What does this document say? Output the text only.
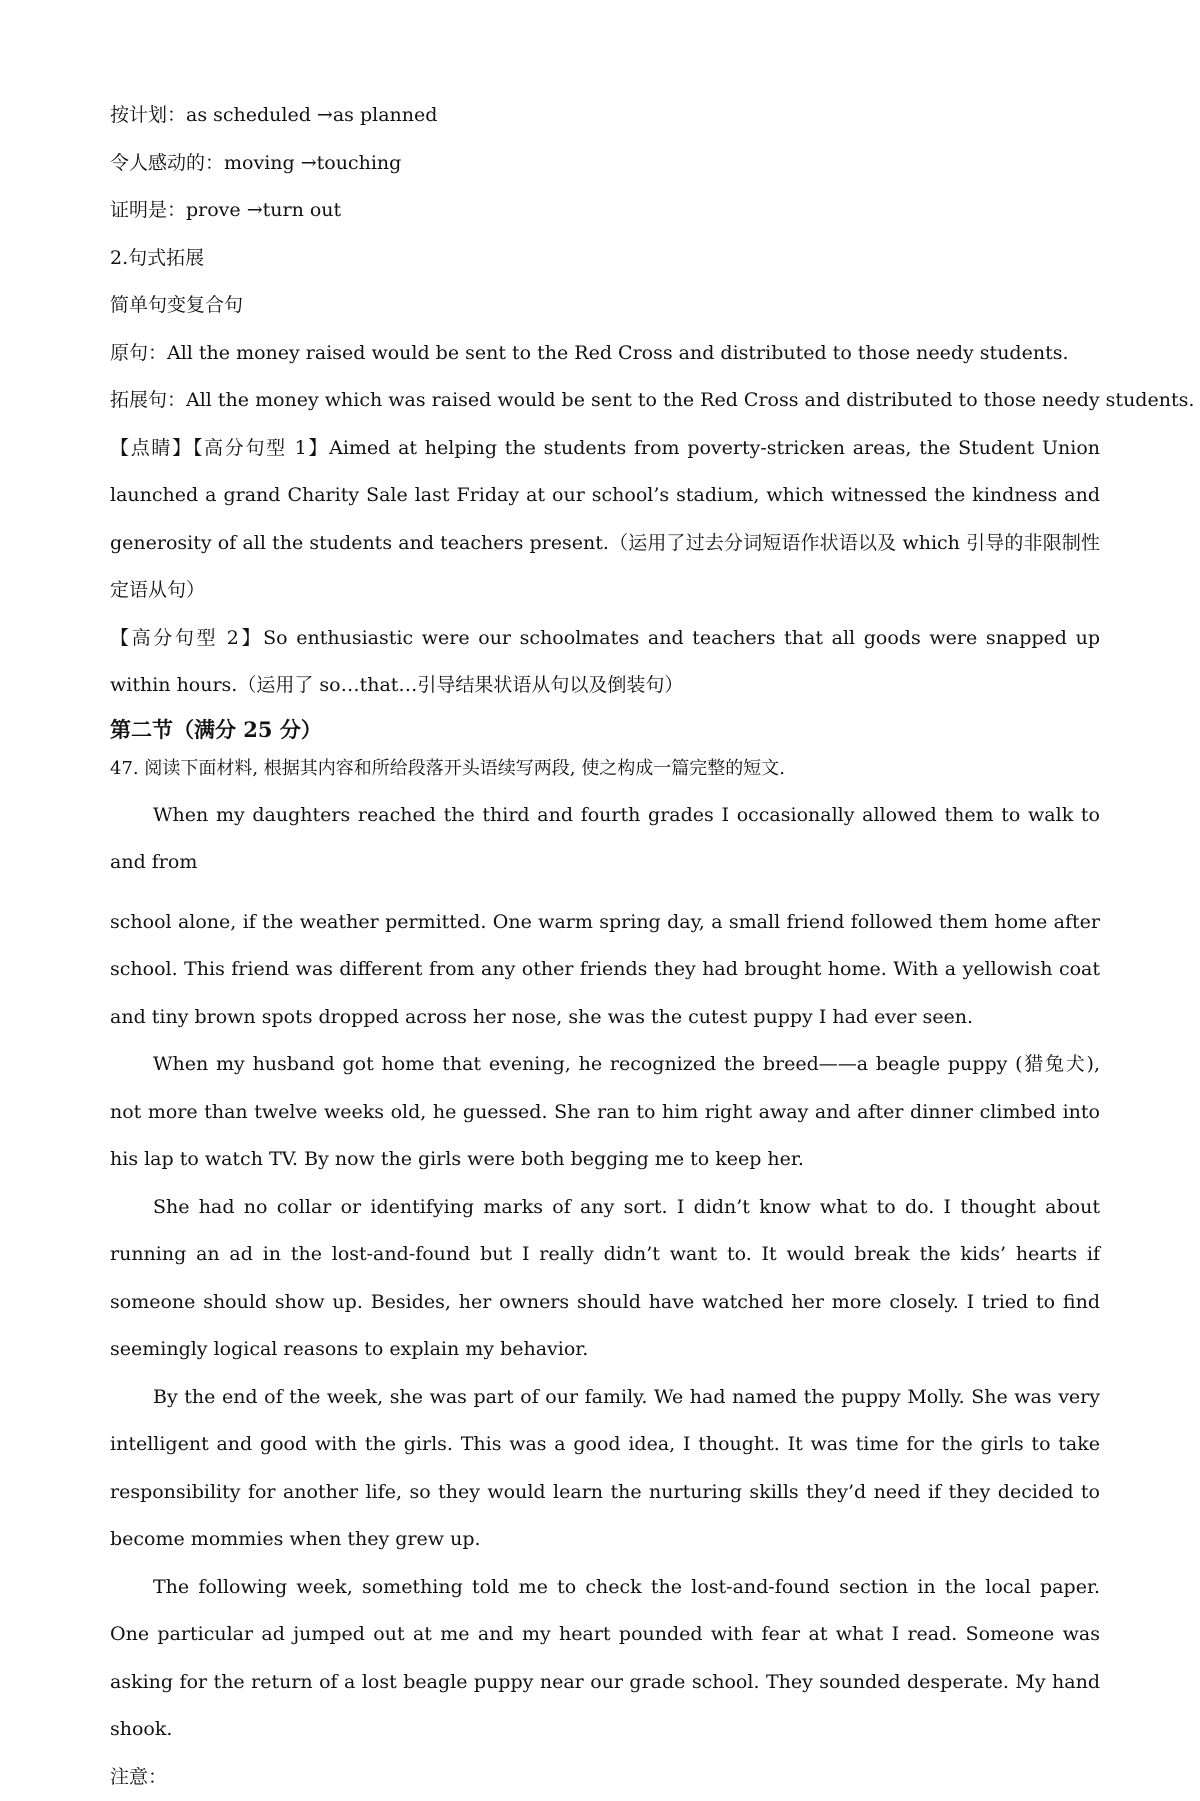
按计划：as scheduled →as planned

令人感动的：moving →touching

证明是：prove →turn out

2.句式拓展

简单句变复合句

原句：All the money raised would be sent to the Red Cross and distributed to those needy students.

拓展句：All the money which was raised would be sent to the Red Cross and distributed to those needy students.

【点睛】【高分句型 1】Aimed at helping the students from poverty-stricken areas, the Student Union launched a grand Charity Sale last Friday at our school’s stadium, which witnessed the kindness and generosity of all the students and teachers present.（运用了过去分词短语作状语以及 which 引导的非限制性定语从句）

【高分句型 2】So enthusiastic were our schoolmates and teachers that all goods were snapped up within hours.（运用了 so…that…引导结果状语从句以及倒装句）

第二节（满分 25 分）

47. 阅读下面材料, 根据其内容和所给段落开头语续写两段, 使之构成一篇完整的短文.

When my daughters reached the third and fourth grades I occasionally allowed them to walk to and from

school alone, if the weather permitted. One warm spring day, a small friend followed them home after school. This friend was different from any other friends they had brought home. With a yellowish coat and tiny brown spots dropped across her nose, she was the cutest puppy I had ever seen.

When my husband got home that evening, he recognized the breed——a beagle puppy (猎兔犬), not more than twelve weeks old, he guessed. She ran to him right away and after dinner climbed into his lap to watch TV. By now the girls were both begging me to keep her.

She had no collar or identifying marks of any sort. I didn’t know what to do. I thought about running an ad in the lost-and-found but I really didn’t want to. It would break the kids’ hearts if someone should show up. Besides, her owners should have watched her more closely. I tried to find seemingly logical reasons to explain my behavior.

By the end of the week, she was part of our family. We had named the puppy Molly. She was very intelligent and good with the girls. This was a good idea, I thought. It was time for the girls to take responsibility for another life, so they would learn the nurturing skills they’d need if they decided to become mommies when they grew up.

The following week, something told me to check the lost-and-found section in the local paper. One particular ad jumped out at me and my heart pounded with fear at what I read. Someone was asking for the return of a lost beagle puppy near our grade school. They sounded desperate. My hand shook.

注意：
